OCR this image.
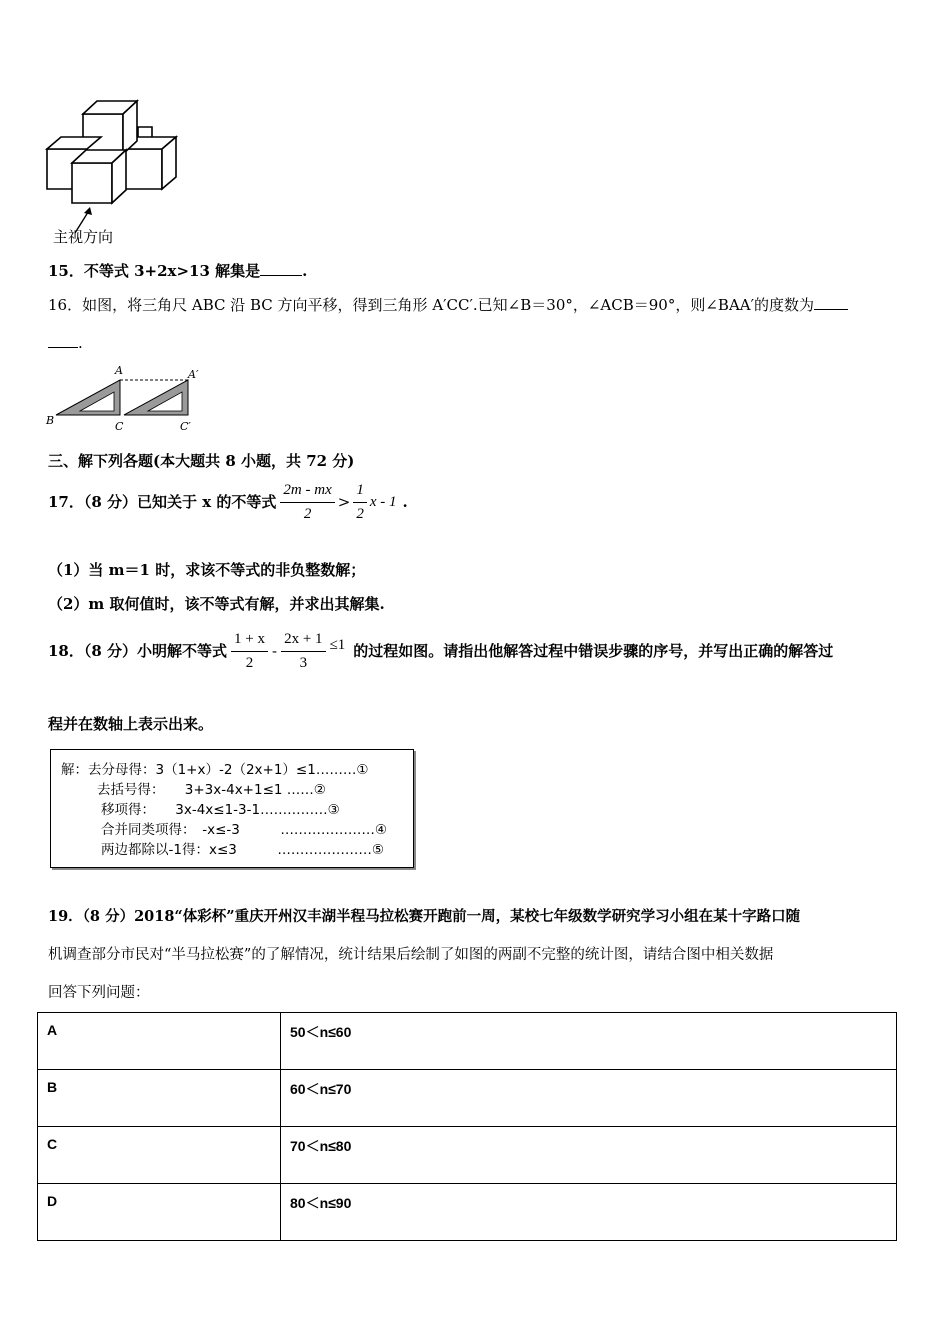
主视方向
15．不等式 3+2x>13 解集是	.
16．如图，将三角尺 ABC 沿 BC 方向平移，得到三角形 A′CC′.已知∠B＝30°，∠ACB＝90°，则∠BAA′的度数为
.
B
A	A′
C	C′
三、解下列各题(本大题共 8 小题，共 72 分)
17．（8 分）已知关于 x 的不等式 $\frac{2m - mx}{2} > \frac{1}{2}$ x - 1 .
（1）当 m＝1 时，求该不等式的非负整数解；
（2）m 取何值时，该不等式有解，并求出其解集.
18．（8 分）小明解不等式 $\frac{1 + x}{2} - \frac{2x + 1}{3} \le 1$ 的过程如图。请指出他解答过程中错误步骤的序号，并写出正确的解答过
程并在数轴上表示出来。
解：去分母得：3（1+x）-2（2x+1）≤1………①
去括号得：　　3+3x-4x+1≤1 ……②
移项得：　　3x-4x≤1-3-1……………③
合并同类项得：　-x≤-3　　　…………………④
两边都除以-1得：x≤3　　　…………………⑤
19．（8 分）2018“体彩杯”重庆开州汉丰湖半程马拉松赛开跑前一周，某校七年级数学研究学习小组在某十字路口随
机调查部分市民对“半马拉松赛”的了解情况，统计结果后绘制了如图的两副不完整的统计图，请结合图中相关数据
回答下列问题：
A	50＜n≤60
B	60＜n≤70
C	70＜n≤80
D	80＜n≤90
